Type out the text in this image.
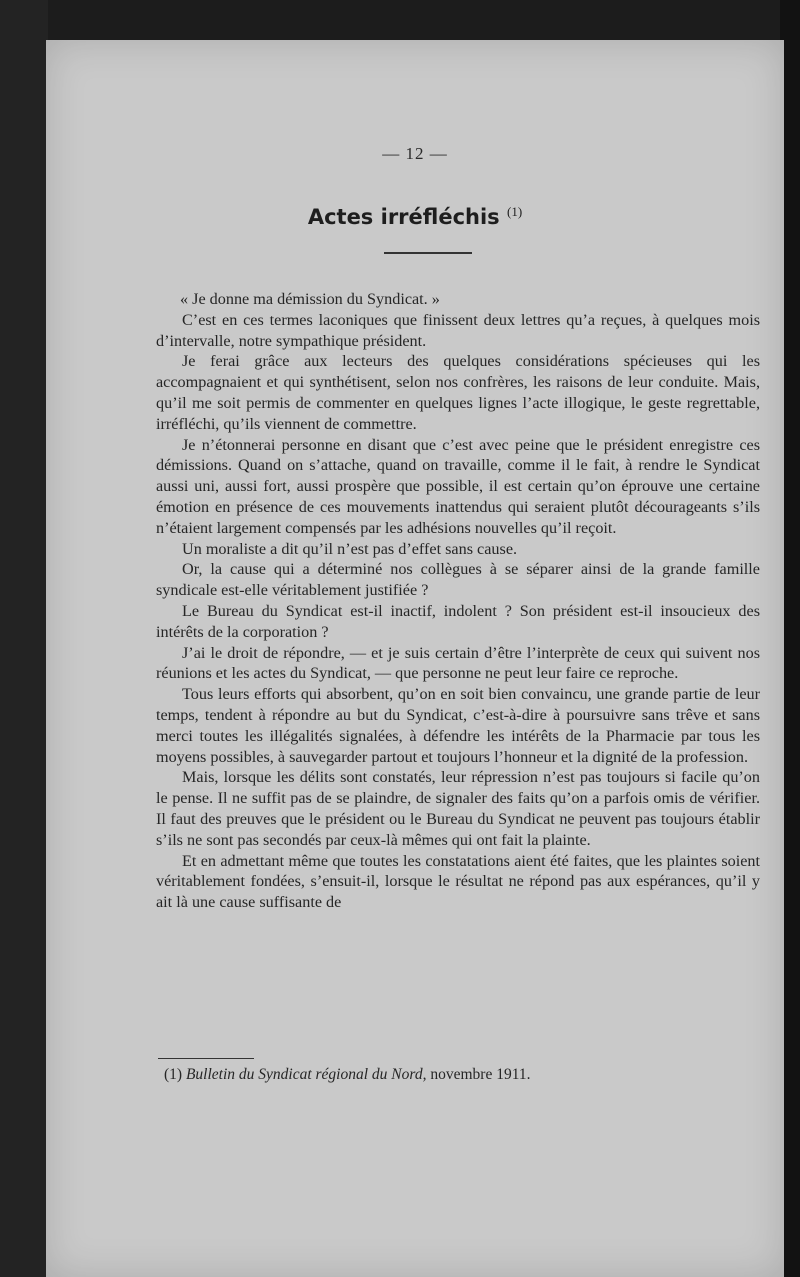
— 12 —
Actes irréfléchis $^{(1)}$

« Je donne ma démission du Syndicat. »

C’est en ces termes laconiques que finissent deux lettres qu’a reçues, à quelques mois d’intervalle, notre sympathique président.

Je ferai grâce aux lecteurs des quelques considérations spécieuses qui les accompagnaient et qui synthétisent, selon nos confrères, les raisons de leur conduite. Mais, qu’il me soit permis de commenter en quelques lignes l’acte illogique, le geste regrettable, irréfléchi, qu’ils viennent de commettre.

Je n’étonnerai personne en disant que c’est avec peine que le président enregistre ces démissions. Quand on s’attache, quand on travaille, comme il le fait, à rendre le Syndicat aussi uni, aussi fort, aussi prospère que possible, il est certain qu’on éprouve une certaine émotion en présence de ces mouvements inattendus qui seraient plutôt décourageants s’ils n’étaient largement compensés par les adhésions nouvelles qu’il reçoit.

Un moraliste a dit qu’il n’est pas d’effet sans cause.

Or, la cause qui a déterminé nos collègues à se séparer ainsi de la grande famille syndicale est-elle véritablement justifiée ?

Le Bureau du Syndicat est-il inactif, indolent ? Son président est-il insoucieux des intérêts de la corporation ?

J’ai le droit de répondre, — et je suis certain d’être l’interprète de ceux qui suivent nos réunions et les actes du Syndicat, — que personne ne peut leur faire ce reproche.

Tous leurs efforts qui absorbent, qu’on en soit bien convaincu, une grande partie de leur temps, tendent à répondre au but du Syndicat, c’est-à-dire à poursuivre sans trêve et sans merci toutes les illégalités signalées, à défendre les intérêts de la Pharmacie par tous les moyens possibles, à sauvegarder partout et toujours l’honneur et la dignité de la profession.

Mais, lorsque les délits sont constatés, leur répression n’est pas toujours si facile qu’on le pense. Il ne suffit pas de se plaindre, de signaler des faits qu’on a parfois omis de vérifier. Il faut des preuves que le président ou le Bureau du Syndicat ne peuvent pas toujours établir s’ils ne sont pas secondés par ceux-là mêmes qui ont fait la plainte.

Et en admettant même que toutes les constatations aient été faites, que les plaintes soient véritablement fondées, s’ensuit-il, lorsque le résultat ne répond pas aux espérances, qu’il y ait là une cause suffisante de

(1) Bulletin du Syndicat régional du Nord, novembre 1911.
